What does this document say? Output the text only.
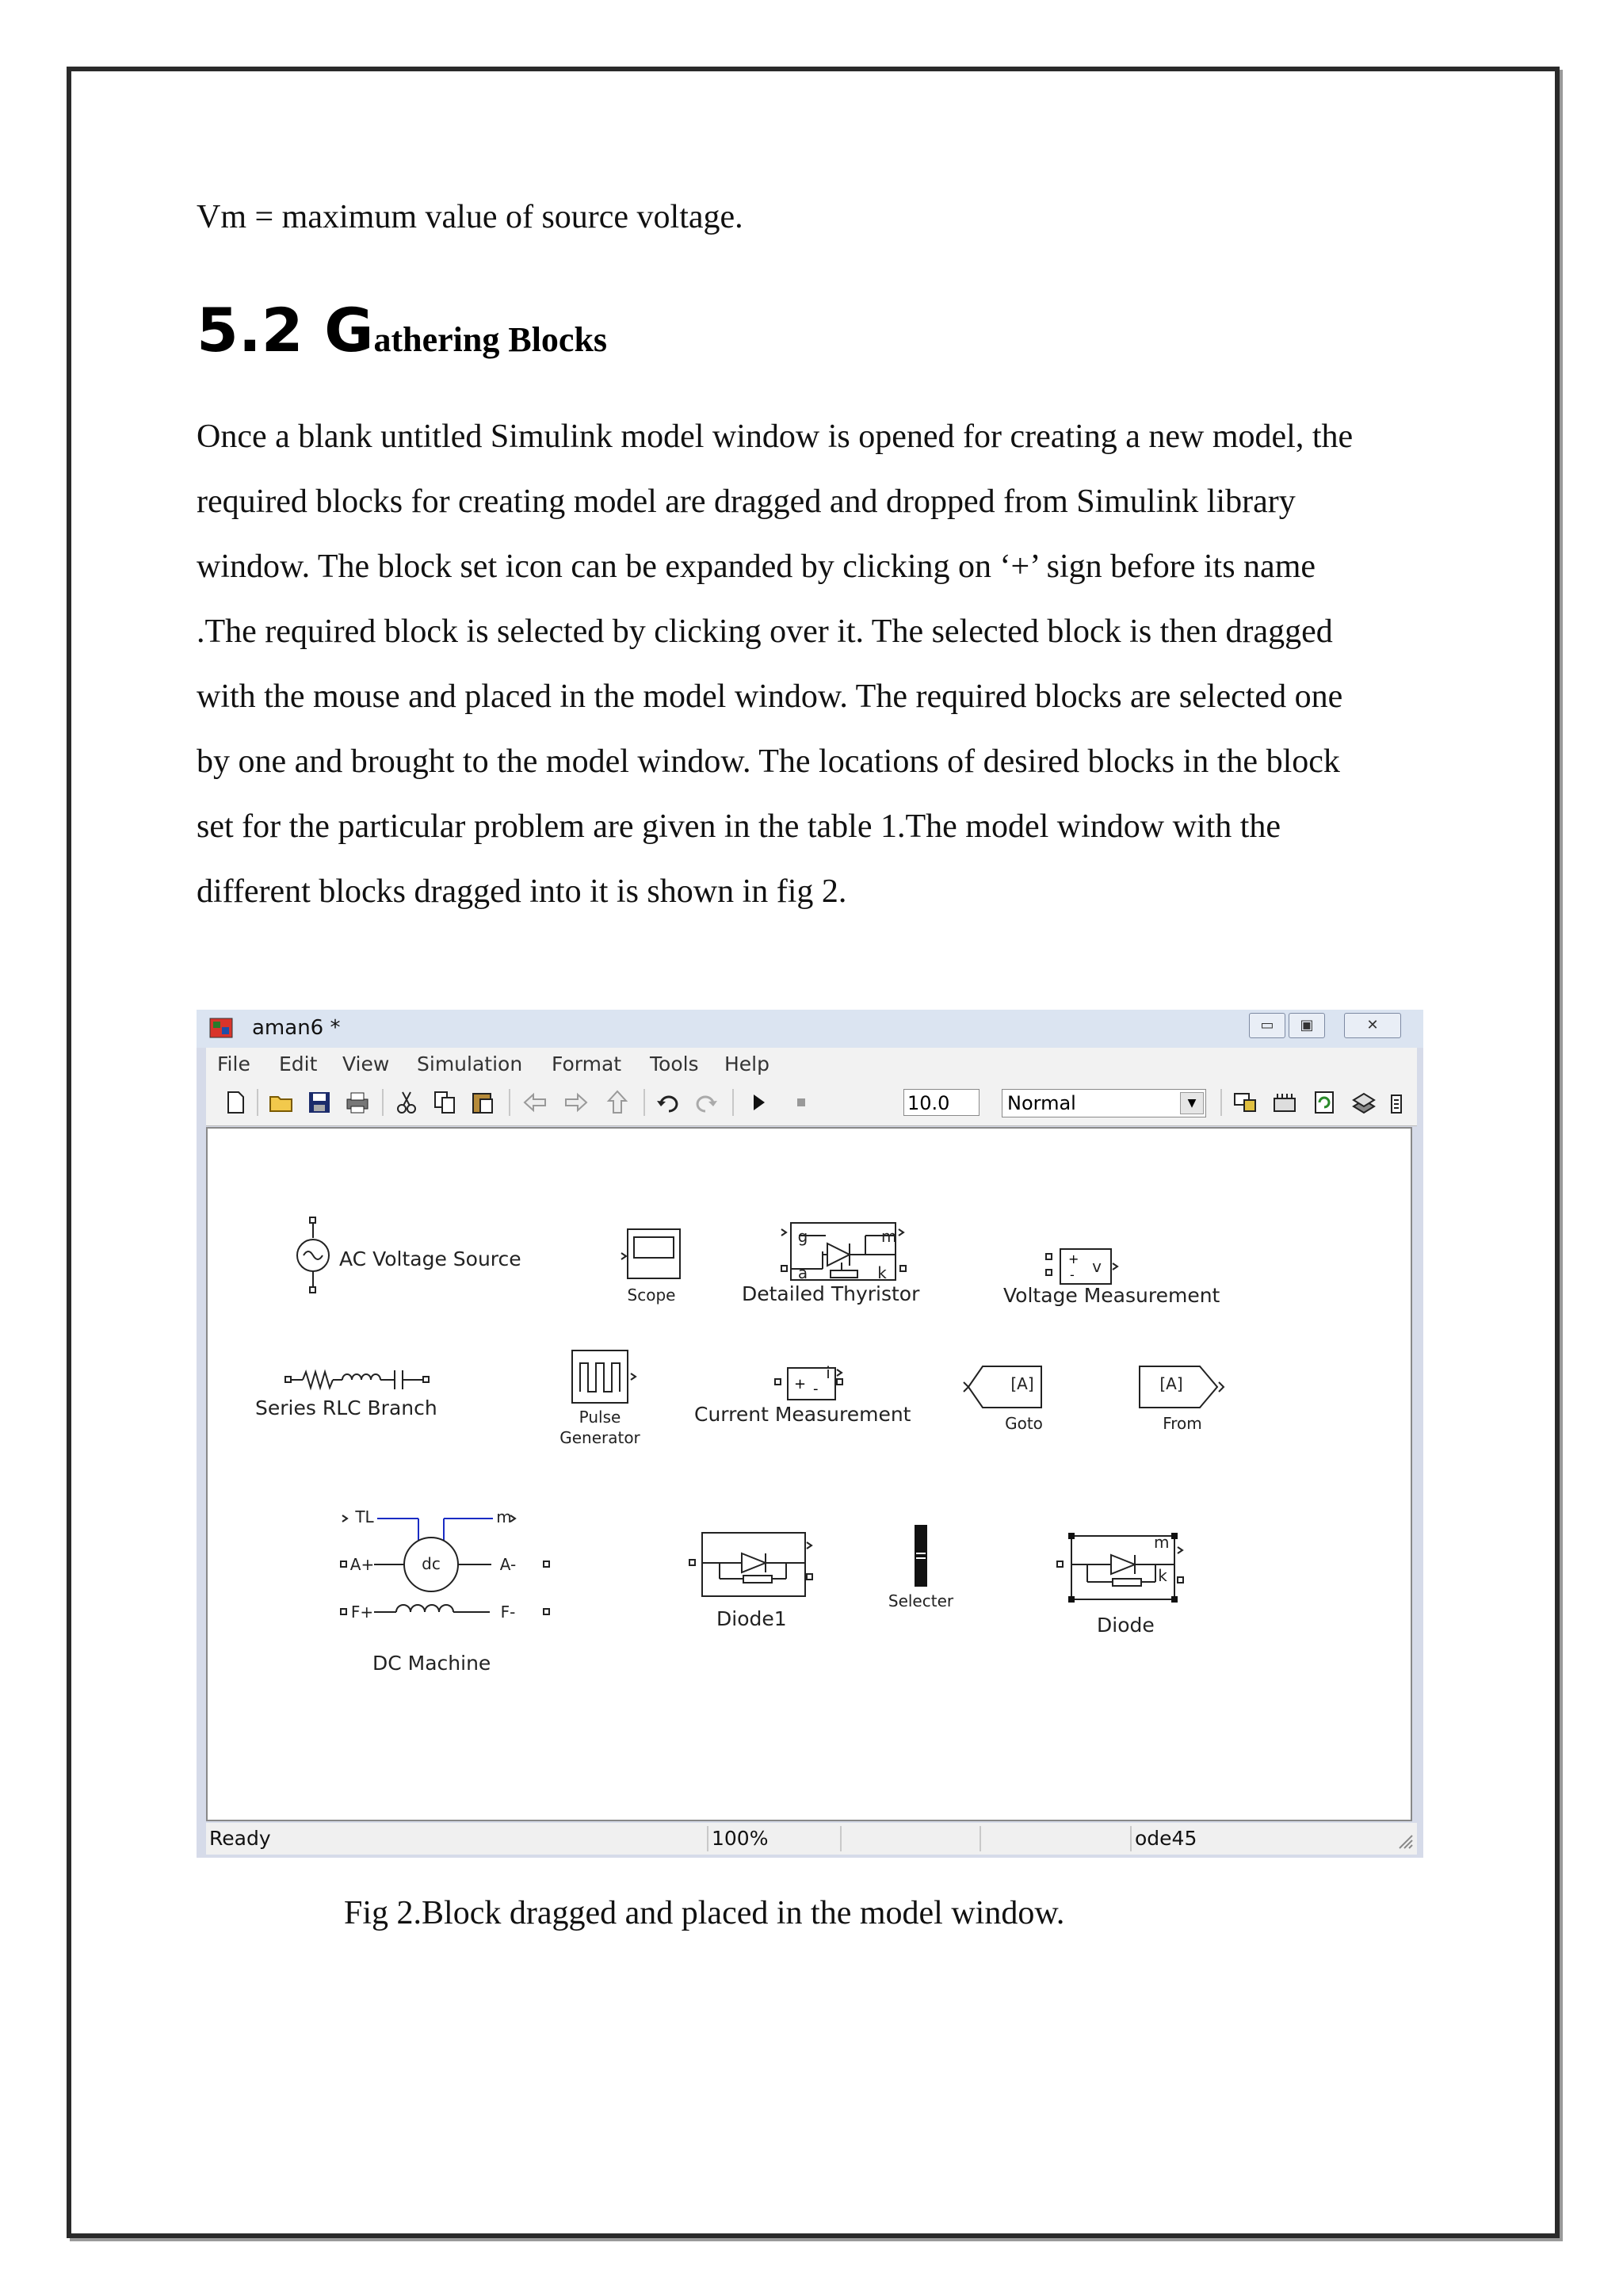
Vm = maximum value of source voltage.
5.2 Gathering Blocks
Once a blank untitled Simulink model window is opened for creating a new model, the
required blocks for creating model are dragged and dropped from Simulink library
window. The block set icon can be expanded by clicking on ‘+’ sign before its name
.The required block is selected by clicking over it. The selected block is then dragged
with the mouse and placed in the model window. The required blocks are selected one
by one and brought to the model window. The locations of desired blocks in the block
set for the particular problem are given in the table 1.The model window with the
different blocks dragged into it is shown in fig 2.
aman6 *	▭	▣	✕
File Edit View Simulation Format Tools Help
10.0	Normal	▼
AC Voltage Source
Scope
g	m
a	k
Detailed Thyristor
+
- v
Voltage Measurement
Series RLC Branch	Pulse
Generator
+ -
i
Current Measurement
[A]
Goto
[A]
From
TL	m
A+	A-
F+	F-
dc
DC Machine
Diode1
Selecter
m
k
Diode
Ready	100%	ode45
Fig 2.Block dragged and placed in the model window.
